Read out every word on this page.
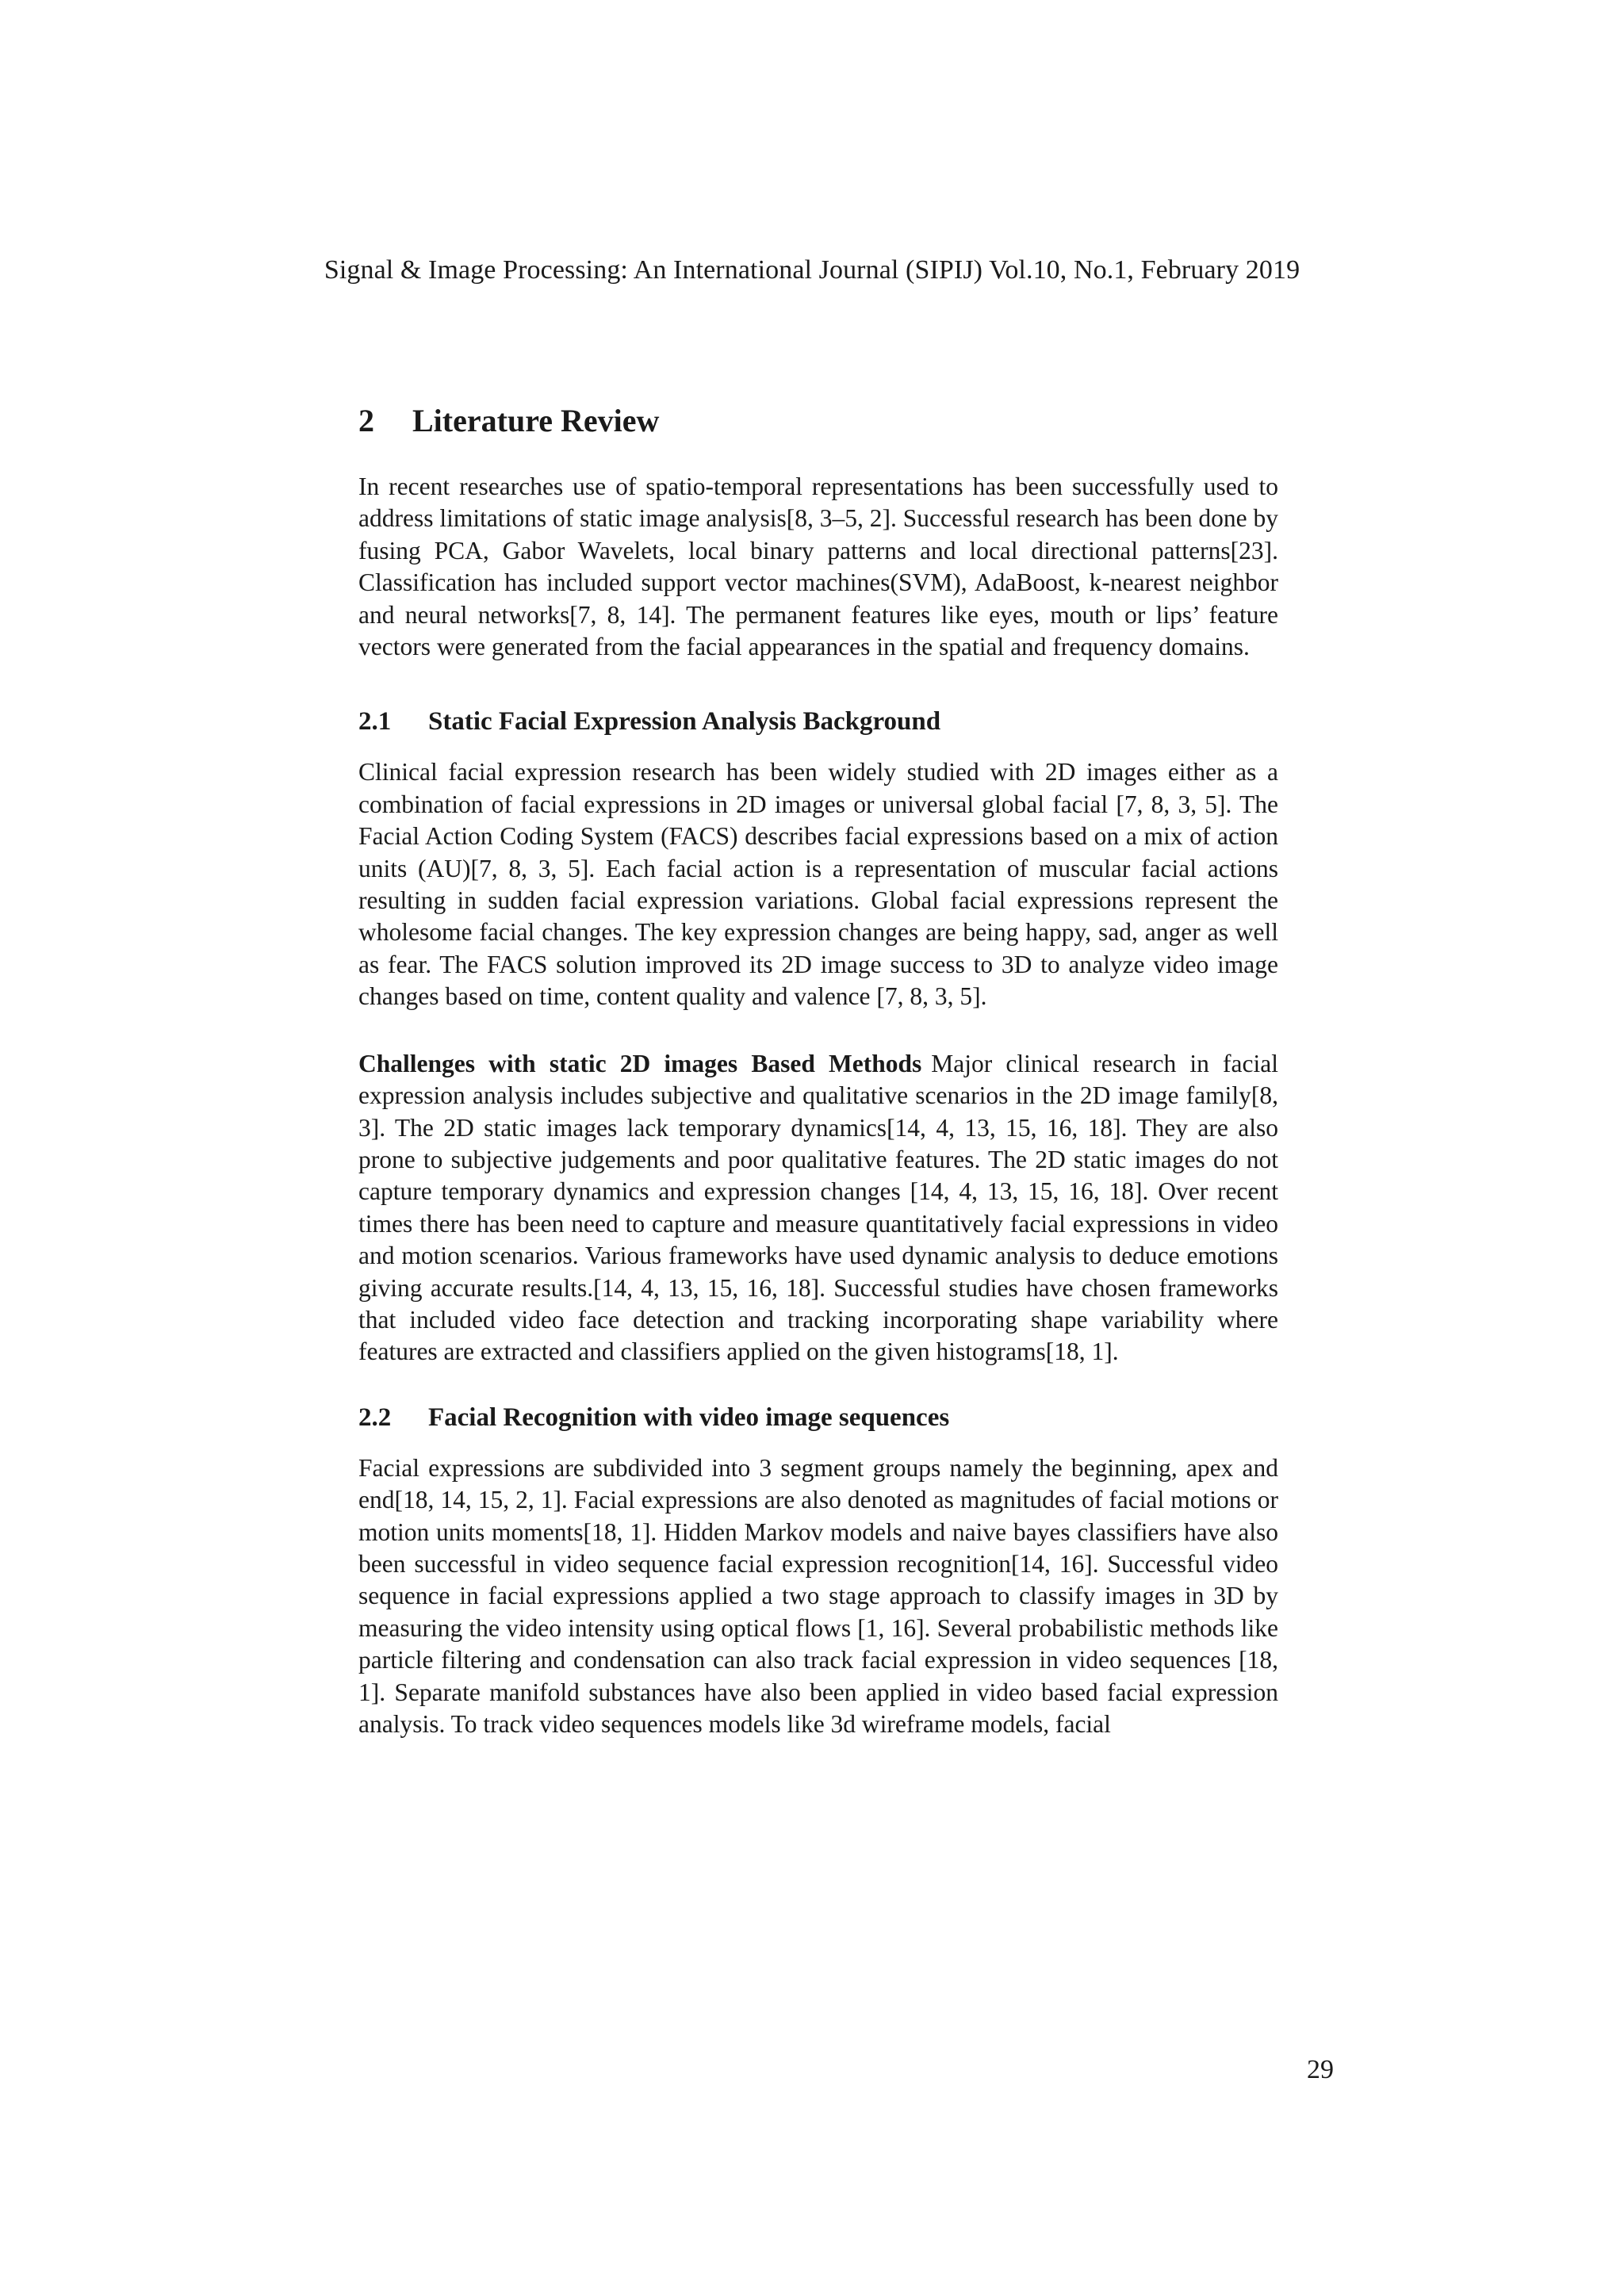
Signal & Image Processing: An International Journal (SIPIJ) Vol.10, No.1, February 2019
2 Literature Review

In recent researches use of spatio-temporal representations has been successfully used to address limitations of static image analysis[8, 3–5, 2]. Successful research has been done by fusing PCA, Gabor Wavelets, local binary patterns and local directional patterns[23]. Classification has included support vector machines(SVM), AdaBoost, k-nearest neighbor and neural networks[7, 8, 14]. The permanent features like eyes, mouth or lips’ feature vectors were generated from the facial appearances in the spatial and frequency domains.

2.1 Static Facial Expression Analysis Background

Clinical facial expression research has been widely studied with 2D images either as a combination of facial expressions in 2D images or universal global facial [7, 8, 3, 5]. The Facial Action Coding System (FACS) describes facial expressions based on a mix of action units (AU)[7, 8, 3, 5]. Each facial action is a representation of muscular facial actions resulting in sudden facial expression variations. Global facial expressions represent the wholesome facial changes. The key expression changes are being happy, sad, anger as well as fear. The FACS solution improved its 2D image success to 3D to analyze video image changes based on time, content quality and valence [7, 8, 3, 5].

Challenges with static 2D images Based Methods Major clinical research in facial expression analysis includes subjective and qualitative scenarios in the 2D image family[8, 3]. The 2D static images lack temporary dynamics[14, 4, 13, 15, 16, 18]. They are also prone to subjective judgements and poor qualitative features. The 2D static images do not capture temporary dynamics and expression changes [14, 4, 13, 15, 16, 18]. Over recent times there has been need to capture and measure quantitatively facial expressions in video and motion scenarios. Various frameworks have used dynamic analysis to deduce emotions giving accurate results.[14, 4, 13, 15, 16, 18]. Successful studies have chosen frameworks that included video face detection and tracking incorporating shape variability where features are extracted and classifiers applied on the given histograms[18, 1].

2.2 Facial Recognition with video image sequences

Facial expressions are subdivided into 3 segment groups namely the beginning, apex and end[18, 14, 15, 2, 1]. Facial expressions are also denoted as magnitudes of facial motions or motion units moments[18, 1]. Hidden Markov models and naive bayes classifiers have also been successful in video sequence facial expression recognition[14, 16]. Successful video sequence in facial expressions applied a two stage approach to classify images in 3D by measuring the video intensity using optical flows [1, 16]. Several probabilistic methods like particle filtering and condensation can also track facial expression in video sequences [18, 1]. Separate manifold substances have also been applied in video based facial expression analysis. To track video sequences models like 3d wireframe models, facial

29
